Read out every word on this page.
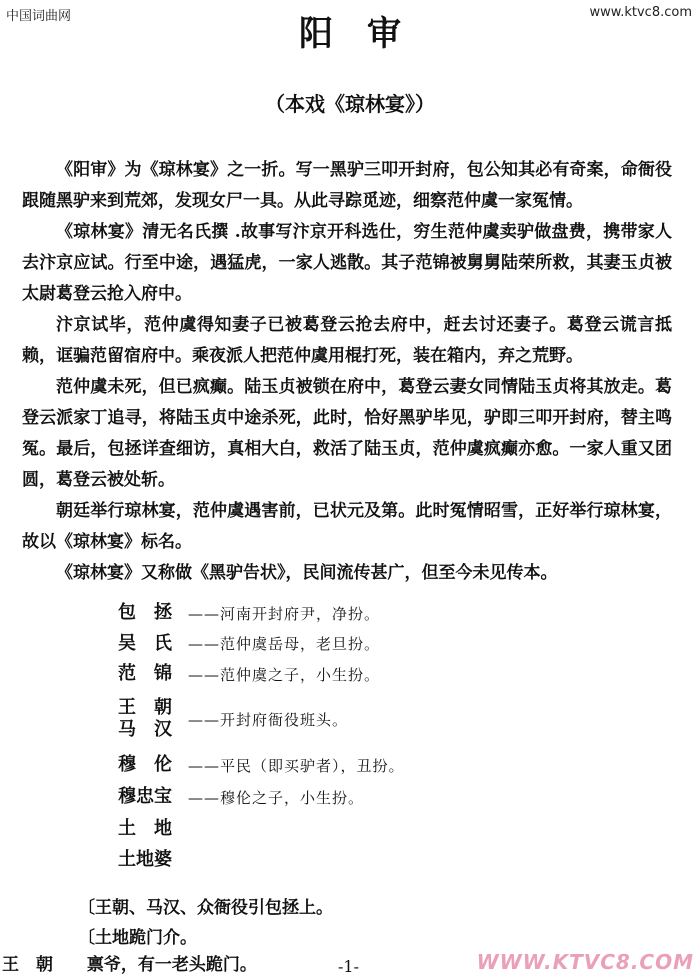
中国词曲网	www.ktvc8.com
阳审
（本戏《琼林宴》）

《阳审》为《琼林宴》之一折。写一黑驴三叩开封府，包公知其必有奇案，命衙役跟随黑驴来到荒郊，发现女尸一具。从此寻踪觅迹，细察范仲虞一家冤情。

《琼林宴》清无名氏撰 .故事写汴京开科选仕，穷生范仲虞卖驴做盘费，携带家人去汴京应试。行至中途，遇猛虎，一家人逃散。其子范锦被舅舅陆荣所救，其妻玉贞被太尉葛登云抢入府中。

汴京试毕，范仲虞得知妻子已被葛登云抢去府中，赶去讨还妻子。葛登云谎言抵赖，诓骗范留宿府中。乘夜派人把范仲虞用棍打死，装在箱内，弃之荒野。

范仲虞未死，但已疯癫。陆玉贞被锁在府中，葛登云妻女同情陆玉贞将其放走。葛登云派家丁追寻，将陆玉贞中途杀死，此时，恰好黑驴毕见，驴即三叩开封府，替主鸣冤。最后，包拯详查细访，真相大白，救活了陆玉贞，范仲虞疯癫亦愈。一家人重又团圆，葛登云被处斩。

朝廷举行琼林宴，范仲虞遇害前，已状元及第。此时冤情昭雪，正好举行琼林宴，故以《琼林宴》标名。

《琼林宴》又称做《黑驴告状》，民间流传甚广，但至今未见传本。

包　拯	——河南开封府尹，净扮。
吴　氏	——范仲虞岳母，老旦扮。
范　锦	——范仲虞之子，小生扮。
王　朝
马　汉	——开封府衙役班头。
穆　伦	——平民（即买驴者），丑扮。
穆忠宝	——穆伦之子，小生扮。
土　地
土地婆
〔王朝、马汉、众衙役引包拯上。
〔土地跪门介。
王　朝 禀爷，有一老头跪门。	-1-	WWW.KTVC8.COM
